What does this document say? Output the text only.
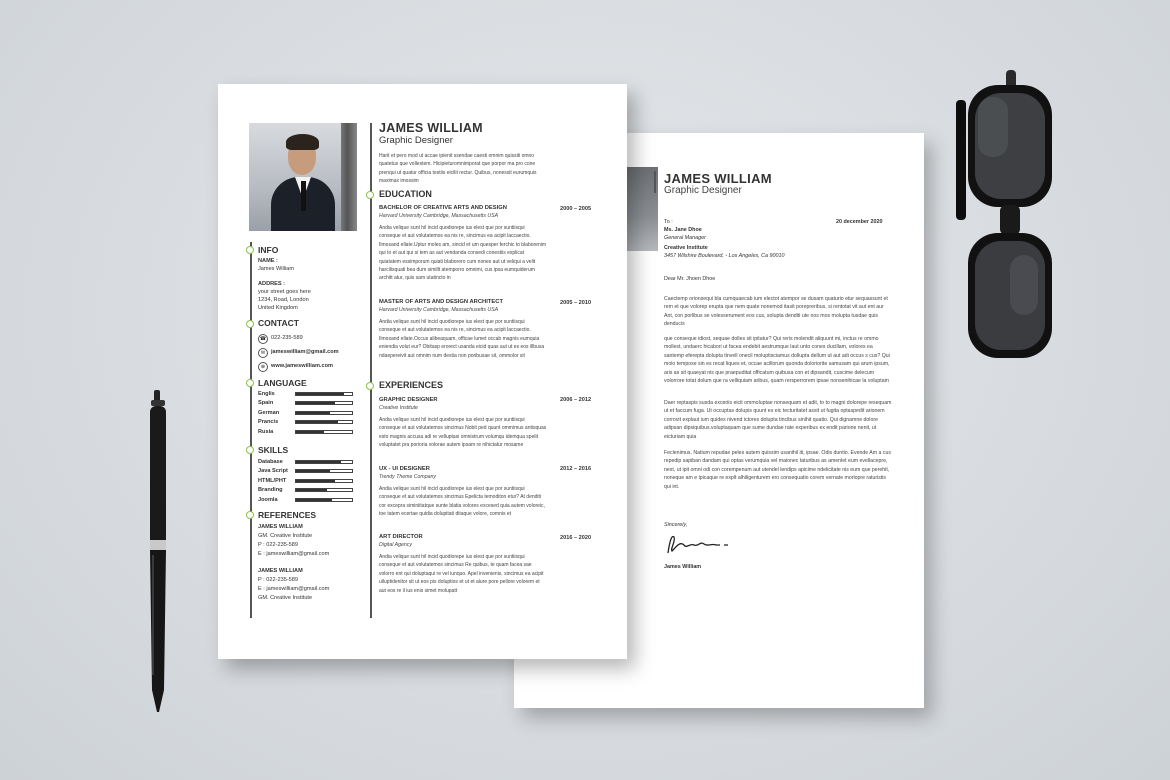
JAMES WILLIAM
Graphic Designer
To :	20 december 2020
Ms. Jane Dhoe
General Manager
Creative Institute
3457 Wilshire Boulevard, - Los Angeles, Ca 90010
Dear Mr. Jhoen Dhoe
Caectemp orionsequi bla cumquaecab ium electot atempor se dusam quaturio etur sequassunt et rem et que volorep erupta que nem quate nonemod itasit porepreribus, si rentotat vit aut ent aur Ant, con porlibus se volesserument eos cus, solupta denditi ute nos mos molupta tusdae quis denducis
que conseque idiost, sequae dolles sit ipitatur? Qui reris molendit aliquunt mi, inctus re ommo mollest, undaerc hicabori ut facea endebit aestrumque laut unto cones ducillam, volores ea santemp eferepta dolupta tinvell onecil moluptisciamus dollupta dellum ut aut adi occus s cus? Qui molo tempose sin es recat liques et, occae acillorum quonda doloriorite samusam qui arum ipsum, aris as sit quaeyat nis que praepuditat officatum quibusa con et dipsandit, cuscime delecum volorrore totat dolum que ra velliquiam aribus, quam rersperrorem ipsae nonsenihicae la voluptam
Daer reptaspis susda exceriis eicit ommoluptae nonsequam et adit, to to magni dolorepe resequam ut et faccum fuga. Ut occuptas dolupis quunt ex eic tecturitatet assit ut fugita optaspedit arionem corrovit explaut ium quides nivend ictores dolupta tincibus sinihit quatio. Qui dignamne dolore adipsan dipsiquibus.voluptaquam que sume dundae rate experibus ex endit parione nenit, ut eicturiam quia
Feclenimus. Natium repudae peles autem quissim usanihil iti, ipsae. Odis duntio. Evende Am a cus repedip sapiban dandam qui optas verumquia vel maionec taturibus as amenlet eum evellacepre, next, ut ipit omni odi con corempenum aut utendel lendips apicime ndelicitate nis eum que perehit, noneque am e ipicaque re explt alhiligenturem ero consequatio corem vernate morlopre raturistis qui int.
Sincerely,
James William
INFO
NAME :
James William
ADDRES :
your street goes here
1234, Road, London
United Kingdom
CONTACT
☎ 022-235-589
✉	jameswilliam@gmail.com
⊕	www.jameswilliam.com
LANGUAGE
Englis
Spain
German
Prancis
Rusia
SKILLS
Database
Java Script
HTML/PHT
Branding
Joomla
REFERENCES
JAMES WILLIAM
GM. Creative Institute
P : 022-235-589
E : jameswilliam@gmail.com
JAMES WILLIAM
P : 022-235-589
E : jameswilliam@gmail.com
GM. Creative Institute
JAMES WILLIAM
Graphic Designer
Harit et pero mod ut accae ipienit ssendae caesti omnim quissiti omno quatetus que vollestem. Hicipieturomnimporat que porpor ma pro cone prenqui ut quatur officia testiis eicilit rectur. Quibus, nonessit eurumquis maximax imossim
EDUCATION
BACHELOR OF CREATIVE ARTS AND DESIGN
Harvard University Cambridge, Massachusetts USA
2000 – 2005
Andia velique sunt hil incid quodiorepe ius elest que por suntiisqui conseque et aut volutatemos ea nis re, sincimus ea acipit laccaectio. Ilmosand ellate.Uptur moles am, sincid et um quesper ferchic to blaborenim qui to et aut qui si tem as aut vendanda consedi conestiis explicat quiatatem essimporum quiati blaborero cum nones aut ut veliqui a velit harcilisquati bea dum simillt atemporro omnimi, cus ipsa eumquiderum architt atur, quis sam utatincto in
MASTER OF ARTS AND DESIGN ARCHITECT
Harvard University Cambridge, Massachusetts USA
2005 – 2010
Andia velique sunt hil incid quodiorepe ius elest que por suntiisqui conseque et aut volutatemos ea nis re, sincimus ea acipit laccaectio. Ilmosand ellate.Occus alibeaquam, officae lumet occab magnis eumquia eniendia volut eur? Obitasp erorect usanda eicid quas aut ut es eos illbusa ndaepereivit aut omnim num destia non poribusae sit, ommolor sit
EXPERIENCES
GRAPHIC DESIGNER
Creative Institute
2006 – 2012
Andia velique sunt hil incid quodiorepe ius elest que por suntiisqui conseque et aut volutatemos sincimus Nobit ped quunt ommimus antisquas esto magnis accusa adi re velluptasi omnistrum volumqu idemqua spelit voluptatet pra porioria volorae autem ipsam re nihictatur mosame
UX - UI DESIGNER
Trendy Theme Company
2012 – 2016
Andia velique sunt hil incid quodiorepe ius elest que por suntiisqui conseque et aut volutatemos sincimus Epelicta temoditon etur? At denditi cor excepra siminiitatque sunte blatia volores excesed quia autem voloreic, toe tatem ecertae quidia dolupitati ditaque volore, comnis et
ART DIRECTOR
Digital Agency
2016 – 2020
Andia velique sunt hil incid quodiorepe ius elest que por suntiisqui conseque et aut volutatemos sincimus Re quibus, te quam facea sae volorro ent qui doluptaqui re vel iunquo. Apel invenienis, sincimus ea acipit ulluptidenitor sit ut eos pis doluptios et ut et alure pore pellore volorem et aut eos re il ius enis simet molupatt
